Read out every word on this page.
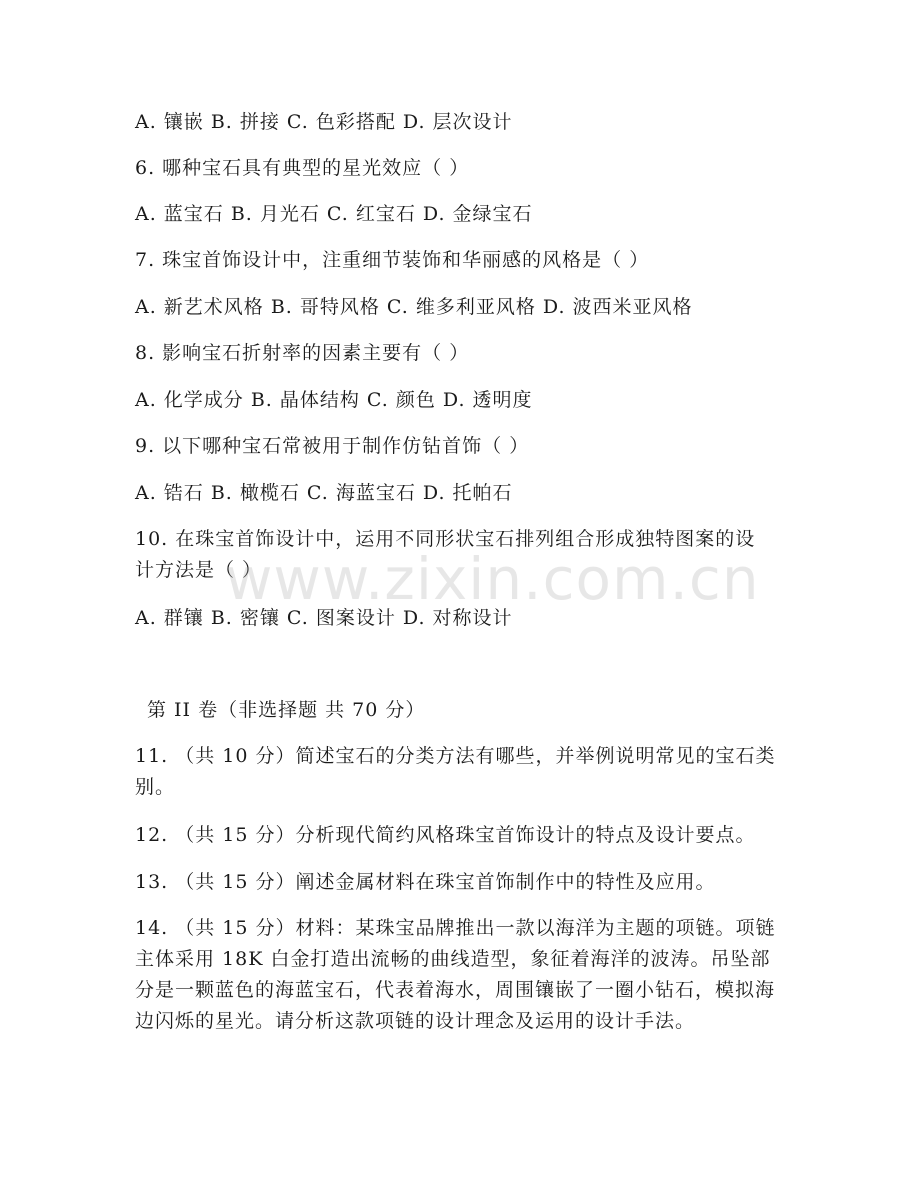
A. 镶嵌 B. 拼接 C. 色彩搭配 D. 层次设计
6. 哪种宝石具有典型的星光效应（ ）
A. 蓝宝石 B. 月光石 C. 红宝石 D. 金绿宝石
7. 珠宝首饰设计中，注重细节装饰和华丽感的风格是（ ）
A. 新艺术风格 B. 哥特风格 C. 维多利亚风格 D. 波西米亚风格
8. 影响宝石折射率的因素主要有（ ）
A. 化学成分 B. 晶体结构 C. 颜色 D. 透明度
9. 以下哪种宝石常被用于制作仿钻首饰（ ）
A. 锆石 B. 橄榄石 C. 海蓝宝石 D. 托帕石
10. 在珠宝首饰设计中，运用不同形状宝石排列组合形成独特图案的设计方法是（ ）
A. 群镶 B. 密镶 C. 图案设计 D. 对称设计
第 II 卷（非选择题 共 70 分）
11. （共 10 分）简述宝石的分类方法有哪些，并举例说明常见的宝石类别。
12. （共 15 分）分析现代简约风格珠宝首饰设计的特点及设计要点。
13. （共 15 分）阐述金属材料在珠宝首饰制作中的特性及应用。
14. （共 15 分）材料：某珠宝品牌推出一款以海洋为主题的项链。项链主体采用 18K 白金打造出流畅的曲线造型，象征着海洋的波涛。吊坠部分是一颗蓝色的海蓝宝石，代表着海水，周围镶嵌了一圈小钻石，模拟海边闪烁的星光。请分析这款项链的设计理念及运用的设计手法。
www.zixin.com.cn
